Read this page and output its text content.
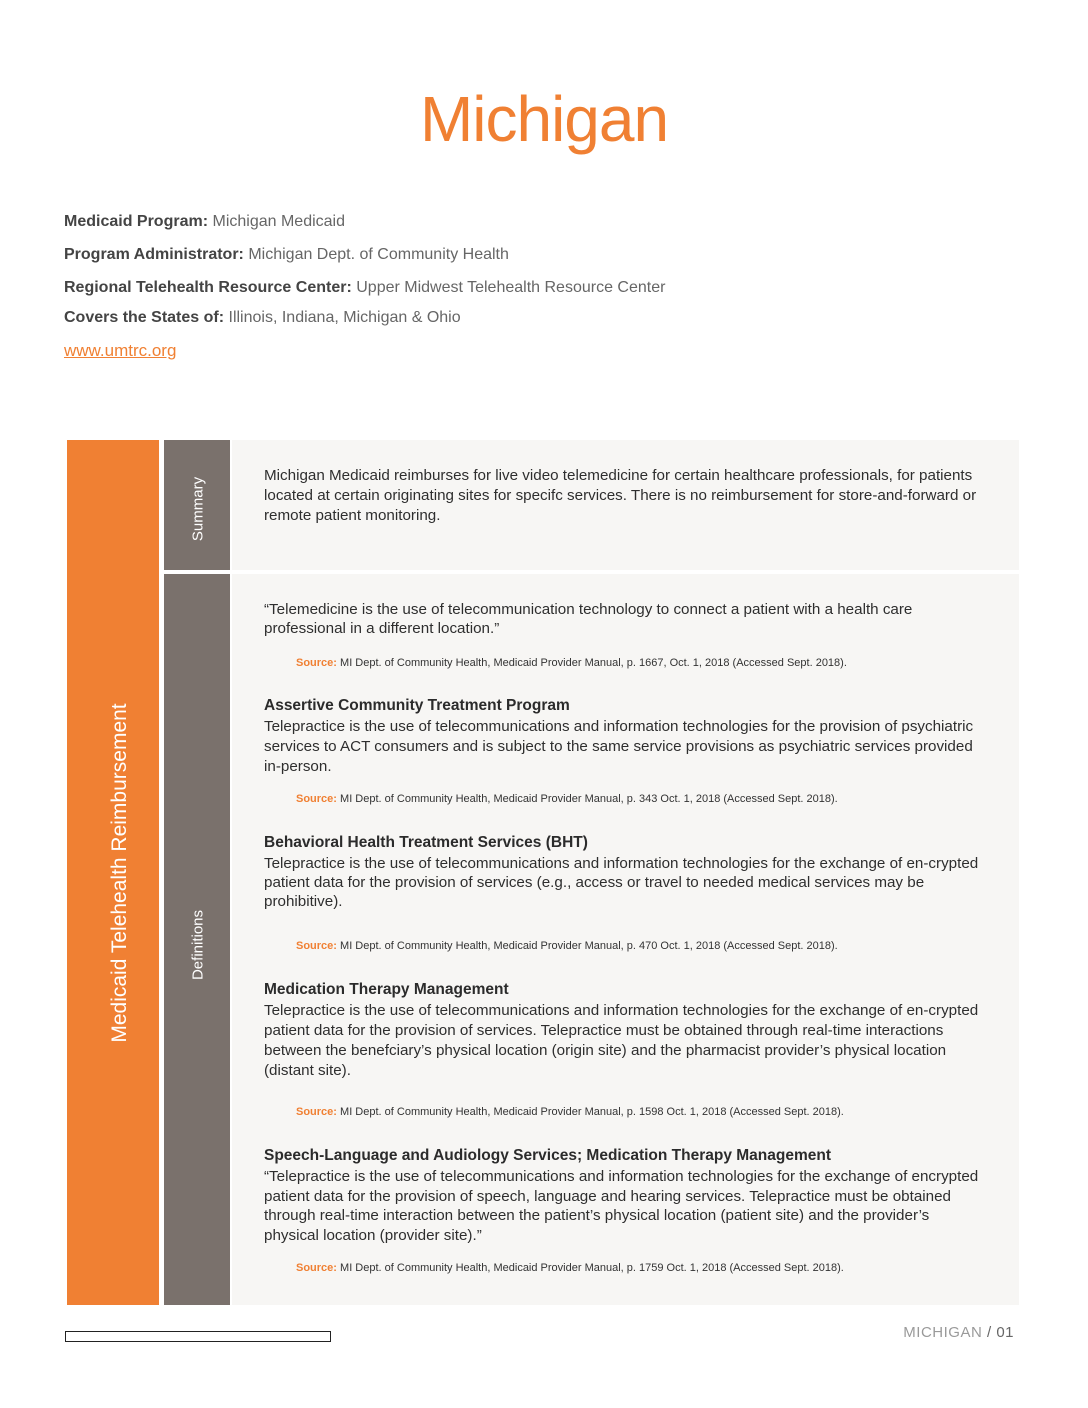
Michigan
Medicaid Program: Michigan Medicaid
Program Administrator: Michigan Dept. of Community Health
Regional Telehealth Resource Center: Upper Midwest Telehealth Resource Center
Covers the States of: Illinois, Indiana, Michigan & Ohio
www.umtrc.org
Medicaid Telehealth Reimbursement
Summary
Definitions
Michigan Medicaid reimburses for live video telemedicine for certain healthcare professionals, for patients located at certain originating sites for specifc services. There is no reimbursement for store-and-forward or remote patient monitoring.
“Telemedicine is the use of telecommunication technology to connect a patient with a health care professional in a different location.”
Source: MI Dept. of Community Health, Medicaid Provider Manual, p. 1667, Oct. 1, 2018 (Accessed Sept. 2018).
Assertive Community Treatment Program
Telepractice is the use of telecommunications and information technologies for the provision of psychiatric services to ACT consumers and is subject to the same service provisions as psychiatric services provided in-person.
Source: MI Dept. of Community Health, Medicaid Provider Manual, p. 343 Oct. 1, 2018 (Accessed Sept. 2018).
Behavioral Health Treatment Services (BHT)
Telepractice is the use of telecommunications and information technologies for the exchange of en-crypted patient data for the provision of services (e.g., access or travel to needed medical services may be prohibitive).
Source: MI Dept. of Community Health, Medicaid Provider Manual, p. 470 Oct. 1, 2018 (Accessed Sept. 2018).
Medication Therapy Management
Telepractice is the use of telecommunications and information technologies for the exchange of en-crypted patient data for the provision of services. Telepractice must be obtained through real-time interactions between the benefciary’s physical location (origin site) and the pharmacist provider’s physical location (distant site).
Source: MI Dept. of Community Health, Medicaid Provider Manual, p. 1598 Oct. 1, 2018 (Accessed Sept. 2018).
Speech-Language and Audiology Services; Medication Therapy Management
“Telepractice is the use of telecommunications and information technologies for the exchange of encrypted patient data for the provision of speech, language and hearing services. Telepractice must be obtained through real-time interaction between the patient’s physical location (patient site) and the provider’s physical location (provider site).”
Source: MI Dept. of Community Health, Medicaid Provider Manual, p. 1759 Oct. 1, 2018 (Accessed Sept. 2018).
MICHIGAN / 01
